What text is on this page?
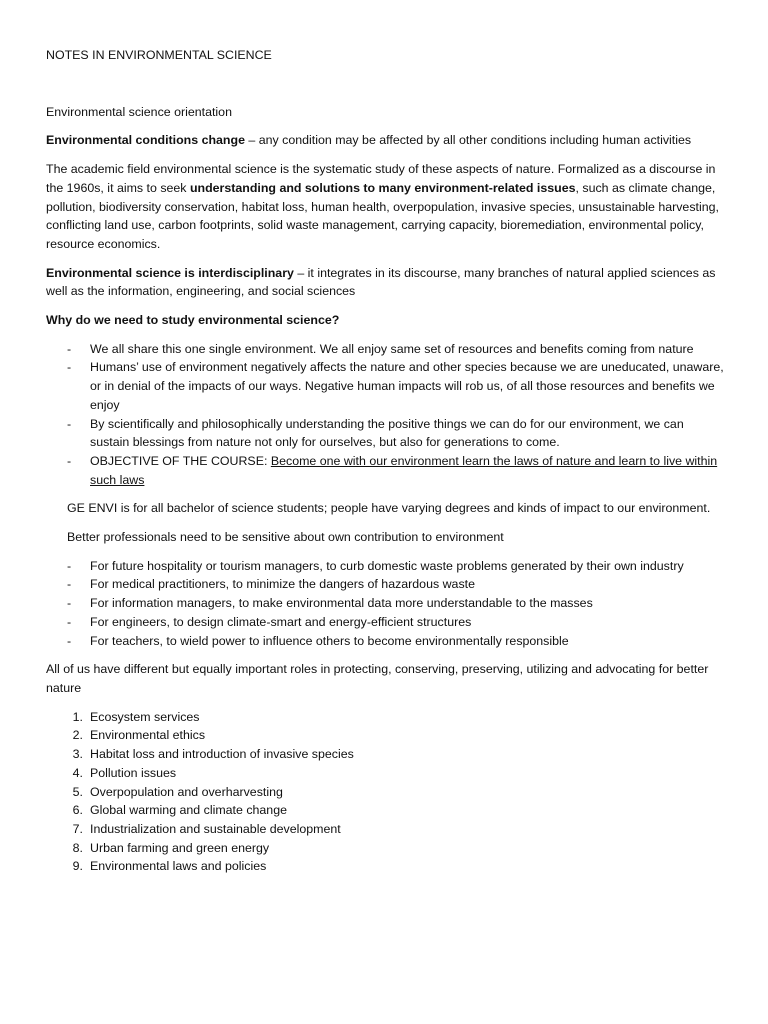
NOTES IN ENVIRONMENTAL SCIENCE

Environmental science orientation

Environmental conditions change – any condition may be affected by all other conditions including human activities

The academic field environmental science is the systematic study of these aspects of nature. Formalized as a discourse in the 1960s, it aims to seek understanding and solutions to many environment-related issues, such as climate change, pollution, biodiversity conservation, habitat loss, human health, overpopulation, invasive species, unsustainable harvesting, conflicting land use, carbon footprints, solid waste management, carrying capacity, bioremediation, environmental policy, resource economics.

Environmental science is interdisciplinary – it integrates in its discourse, many branches of natural applied sciences as well as the information, engineering, and social sciences

Why do we need to study environmental science?

- We all share this one single environment. We all enjoy same set of resources and benefits coming from nature
- Humans’ use of environment negatively affects the nature and other species because we are uneducated, unaware, or in denial of the impacts of our ways. Negative human impacts will rob us, of all those resources and benefits we enjoy
- By scientifically and philosophically understanding the positive things we can do for our environment, we can sustain blessings from nature not only for ourselves, but also for generations to come.
- OBJECTIVE OF THE COURSE: Become one with our environment learn the laws of nature and learn to live within such laws

GE ENVI is for all bachelor of science students; people have varying degrees and kinds of impact to our environment.

Better professionals need to be sensitive about own contribution to environment

- For future hospitality or tourism managers, to curb domestic waste problems generated by their own industry
- For medical practitioners, to minimize the dangers of hazardous waste
- For information managers, to make environmental data more understandable to the masses
- For engineers, to design climate-smart and energy-efficient structures
- For teachers, to wield power to influence others to become environmentally responsible

All of us have different but equally important roles in protecting, conserving, preserving, utilizing and advocating for better nature

1. Ecosystem services
2. Environmental ethics
3. Habitat loss and introduction of invasive species
4. Pollution issues
5. Overpopulation and overharvesting
6. Global warming and climate change
7. Industrialization and sustainable development
8. Urban farming and green energy
9. Environmental laws and policies
